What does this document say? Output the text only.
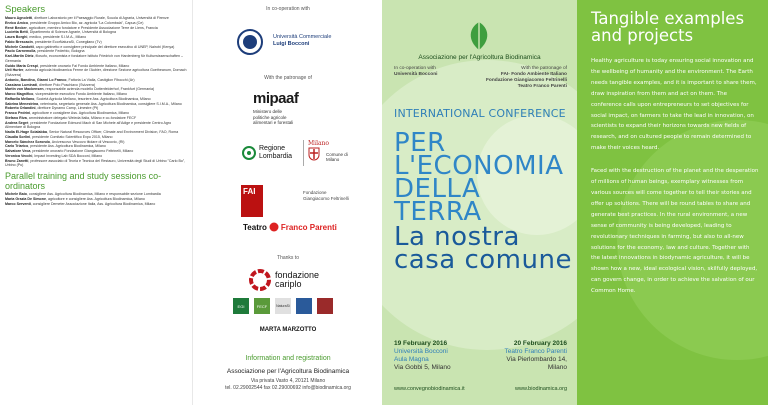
Speakers
Mauro Agnoletti, direttore Laboratorio per il Paesaggio Rurale, Scuola di Agraria, Università di Firenze
Enrico Amico, presidente Gruppo Amico Bio, az. agricola "La Colombaia", Capua (Ce)
René Becker, agricoltore, membro fondatore e Presidente Associazione Terre de Liens, Francia
Lucietta Betti, Dipartimento di Scienze Agrarie, Università di Bologna
Laura Borghi, medico, presidente S.I.M.A., Milano
Fabio Brescacin, presidente EcorNaturaSì, Conegliano (Tv)
Michele Candotti, capo gabinetto e consigliere principale del direttore esecutivo di UNEP, Nairobi (Kenya)
Paolo Carnemolla, presidente Federbio, Bologna
Karl-Martin Dietz, filosofo, economista e fondatore Istituto Friedrich von Hardenberg für Kulturwissenschaften – Germania
Guido Maria Crespi, presidente onorario Fai Fondo Ambiente Italiano, Milano
Ueli Hurter, azienda agricola biodinamica Ferme de l'Aubier, direzione Sezione agricoltura Goetheanum, Dornach (Svizzera)
Antonio, Bandino, Gianni Lo Franco, Fattoria La Vialla, Castiglion Fibocchi (Ar)
Cassiano Luminati, direttore Polo Poschiavo (Svizzera)
Martin von Mackensen, responsabile azienda modello Dottenfelderhof, Frankfurt (Germania)
Marco Magnifico, vicepresidente esecutivo Fondo Ambiente Italiano, Milano
Raffaella Mellano, Società Agricola Mellano, tesoriere Ass. Agricoltura Biodinamica, Milano
Sabrina Menestrina, veterinaria, segretario generale Ass. Agricoltura Biodinamica, consigliere S.I.M.A., Milano
Roberto Orlandini, direttore Dynamo Camp, Limestre (Pt)
Franco Pedrini, agricoltore e consigliere Ass. Agricoltura Biodinamica, Milano
Stefano Riva, amministratore delegato Weleda Italia, Milano e co-fondatore FECF
Andrea Segrè, presidente Fondazione Edmund Mach di San Michele all'Adige e presidente Centro Agro Alimentare di Bologna
Nadia El-Hage Scialabba, Senior Natural Resources Officer, Climate and Environment Division, FAO, Roma
Claudia Sorlini, presidente Comitato Scientifico Expo 2015, Milano
Marcelo Sánchez Sorondo, Arcivescovo Vescovo titolare di Vescovio, (Ri)
Carlo Triarico, presidente Ass. Agricoltura Biodinamica, Milano
Salvatore Veca, presidente onorario Fondazione Giangiacomo Feltrinelli, Milano
Veronica Vecchi, Impact Investing Lab SDA Bocconi, Milano
Bruno Zanetti, professore associato di Teoria e Tecnica del Restauro, Università degli Studi di Urbino "Carlo Bo", Urbino (Pu)
Parallel training and study sessions co-ordinators
Michele Baio, consigliere Ass. Agricoltura Biodinamica, Milano e responsabile sezione Lombardia
Maria Grazia De Simone, agricoltore e consigliere Ass. Agricoltura Biodinamica, Milano
Marco Serventi, consigliere Demeter Associazione Italia, Ass. Agricoltura Biodinamica, Milano
In co-operation with
Università Commerciale
Luigi Bocconi
With the patronage of
mipaaf
Ministero delle politiche agricole alimentari e forestali
Regione
Lombardia
Milano
Comune di Milano
FAI	Fondazione Giangiacomo Feltrinelli
Teatro Franco Parenti
Thanks to
fondazione
cariplo
EGI	FECF	NaturaSì
MARTA MARZOTTO
Information and registration
Associazione per l'Agricoltura Biodinamica
Via privata Vasto 4, 20121 Milano
tel. 02.29002544 fax 02.29000692 info@biodinamica.org
Associazione per l'Agricoltura Biodinamica
In co-operation with
Università Bocconi
With the patronage of
FAI- Fondo Ambiente Italiano
Fondazione Giangiacomo Feltrinelli
Teatro Franco Parenti
INTERNATIONAL CONFERENCE
PER
L'ECONOMIA
DELLA
TERRA
La nostra
casa comune
19 February 2016
Università Bocconi
Aula Magna
Via Gobbi 5, Milano
20 February 2016
Teatro Franco Parenti
Via Pierlombardo 14,
Milano
www.convegnobiodinamica.it	www.biodinamica.org
Tangible examples
and projects
Healthy agriculture is today ensuring social innovation and the wellbeing of humanity and the environment. The Earth needs tangible examples, and it is important to share them, draw inspiration from them and act on them. The conference calls upon entrepreneurs to set objectives for social impact, on farmers to take the lead in innovation, on scientists to expand their horizons towards new fields of research, and on cultured people to remain determined to make their voices heard.
Faced with the destruction of the planet and the desperation of millions of human beings, exemplary witnesses from various sources will come together to tell their stories and offer up solutions. There will be round tables to share and generate best practices. In the rural environment, a new sense of community is being developed, leading to revolutionary techniques in farming, but also to all-new solutions for the economy, law and culture. Together with the latest innovations in biodynamic agriculture, it will be shown how a new, ideal ecological vision, skilfully deployed, can govern change, in order to achieve the salvation of our Common Home.
